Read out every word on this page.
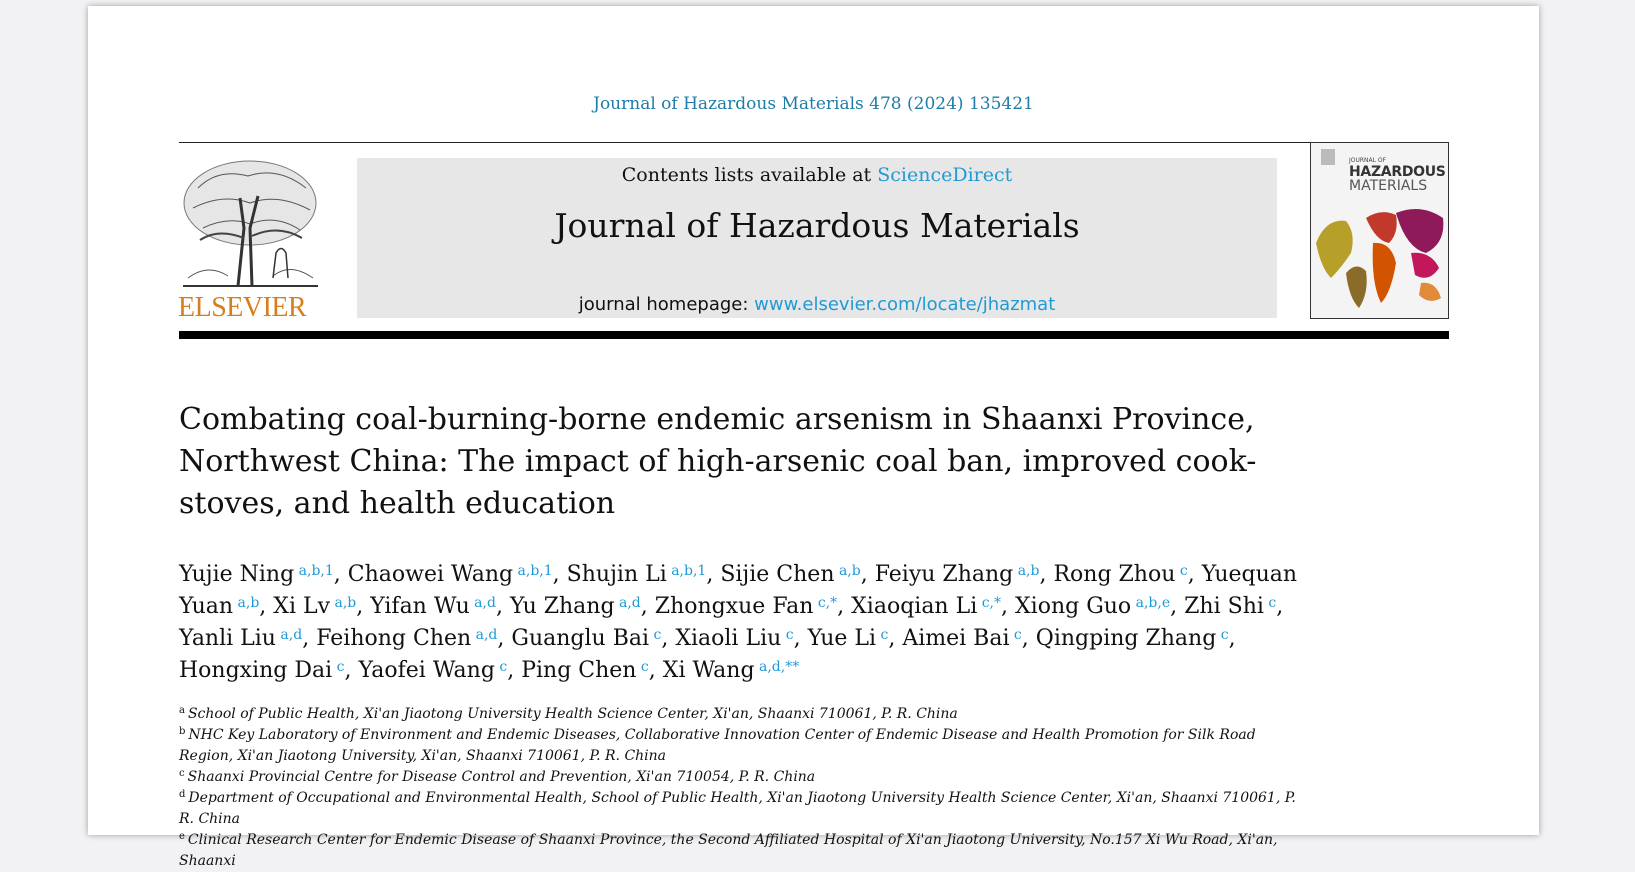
Journal of Hazardous Materials 478 (2024) 135421
ELSEVIER
Contents lists available at ScienceDirect
Journal of Hazardous Materials
journal homepage: www.elsevier.com/locate/jhazmat
JOURNAL OF
HAZARDOUS
MATERIALS
Combating coal-burning-borne endemic arsenism in Shaanxi Province, Northwest China: The impact of high-arsenic coal ban, improved cook-stoves, and health education
Yujie Ning $^{a,b,1}$, Chaowei Wang $^{a,b,1}$, Shujin Li $^{a,b,1}$, Sijie Chen $^{a,b}$, Feiyu Zhang $^{a,b}$, Rong Zhou $^c$, Yuequan Yuan $^{a,b}$, Xi Lv $^{a,b}$, Yifan Wu $^{a,d}$, Yu Zhang $^{a,d}$, Zhongxue Fan $^{c,*}$, Xiaoqian Li $^{c,*}$, Xiong Guo $^{a,b,e}$, Zhi Shi $^c$, Yanli Liu $^{a,d}$, Feihong Chen $^{a,d}$, Guanglu Bai $^c$, Xiaoli Liu $^c$, Yue Li $^c$, Aimei Bai $^c$, Qingping Zhang $^c$, Hongxing Dai $^c$, Yaofei Wang $^c$, Ping Chen $^c$, Xi Wang $^{a,d,**}$
$^a$ School of Public Health, Xi'an Jiaotong University Health Science Center, Xi'an, Shaanxi 710061, P. R. China
$^b$ NHC Key Laboratory of Environment and Endemic Diseases, Collaborative Innovation Center of Endemic Disease and Health Promotion for Silk Road Region, Xi'an Jiaotong University, Xi'an, Shaanxi 710061, P. R. China
$^c$ Shaanxi Provincial Centre for Disease Control and Prevention, Xi'an 710054, P. R. China
$^d$ Department of Occupational and Environmental Health, School of Public Health, Xi'an Jiaotong University Health Science Center, Xi'an, Shaanxi 710061, P. R. China
$^e$ Clinical Research Center for Endemic Disease of Shaanxi Province, the Second Affiliated Hospital of Xi'an Jiaotong University, No.157 Xi Wu Road, Xi'an, Shaanxi
